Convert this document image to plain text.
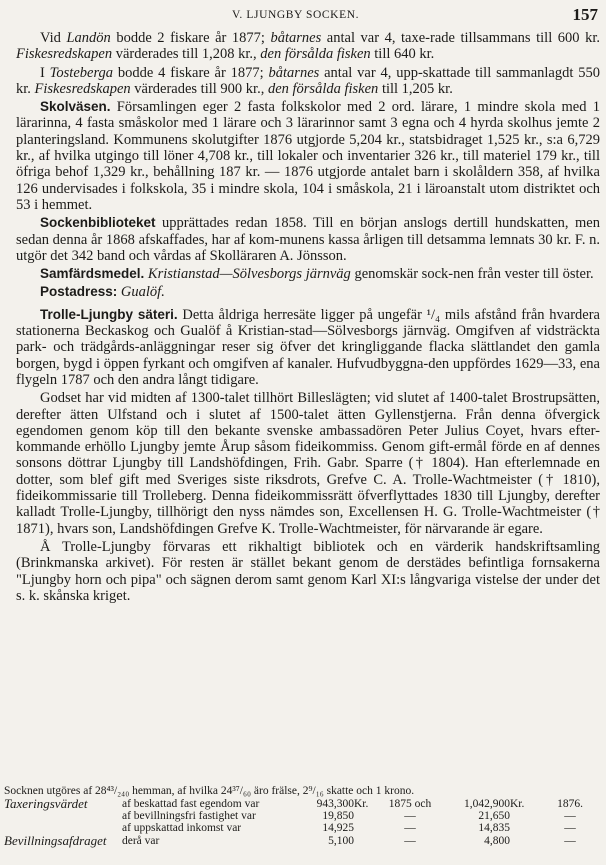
V. LJUNGBY SOCKEN.	157

Vid Landön bodde 2 fiskare år 1877; båtarnes antal var 4, taxe-rade tillsammans till 600 kr. Fiskesredskapen värderades till 1,208 kr., den försålda fisken till 640 kr.

I Tosteberga bodde 4 fiskare år 1877; båtarnes antal var 4, upp-skattade till sammanlagdt 550 kr. Fiskesredskapen värderades till 900 kr., den försålda fisken till 1,205 kr.

Skolväsen. Församlingen eger 2 fasta folkskolor med 2 ord. lärare, 1 mindre skola med 1 lärarinna, 4 fasta småskolor med 1 lärare och 3 lärarinnor samt 3 egna och 4 hyrda skolhus jemte 2 planteringsland. Kommunens skolutgifter 1876 utgjorde 5,204 kr., statsbidraget 1,525 kr., s:a 6,729 kr., af hvilka utgingo till löner 4,708 kr., till lokaler och inventarier 326 kr., till materiel 179 kr., till öfriga behof 1,329 kr., behållning 187 kr. — 1876 utgjorde antalet barn i skolåldern 358, af hvilka 126 undervisades i folkskola, 35 i mindre skola, 104 i småskola, 21 i läroanstalt utom distriktet och 53 i hemmet.

Sockenbiblioteket upprättades redan 1858. Till en början anslogs dertill hundskatten, men sedan denna år 1868 afskaffades, har af kom-munens kassa årligen till detsamma lemnats 30 kr. F. n. utgör det 342 band och vårdas af Skolläraren A. Jönsson.

Samfärdsmedel. Kristianstad—Sölvesborgs järnväg genomskär sock-nen från vester till öster.

Postadress: Gualöf.

Trolle-Ljungby säteri. Detta åldriga herresäte ligger på ungefär ¹/₄ mils afstånd från hvardera stationerna Beckaskog och Gualöf å Kristian-stad—Sölvesborgs järnväg. Omgifven af vidsträckta park- och trädgårds-anläggningar reser sig öfver det kringliggande flacka slättlandet den gamla borgen, bygd i öppen fyrkant och omgifven af kanaler. Hufvudbyggna-den uppfördes 1629—33, ena flygeln 1787 och den andra långt tidigare.

Godset har vid midten af 1300-talet tillhört Billeslägten; vid slutet af 1400-talet Brostrupsätten, derefter ätten Ulfstand och i slutet af 1500-talet ätten Gyllenstjerna. Från denna öfvergick egendomen genom köp till den bekante svenske ambassadören Peter Julius Coyet, hvars efter-kommande erhöllo Ljungby jemte Årup såsom fideikommiss. Genom gift-ermål förde en af dennes sonsons döttrar Ljungby till Landshöfdingen, Frih. Gabr. Sparre († 1804). Han efterlemnade en dotter, som blef gift med Sveriges siste riksdrots, Grefve C. A. Trolle-Wachtmeister († 1810), fideikommissarie till Trolleberg. Denna fideikommissrätt öfverflyttades 1830 till Ljungby, derefter kalladt Trolle-Ljungby, tillhörigt den nyss nämdes son, Excellensen H. G. Trolle-Wachtmeister († 1871), hvars son, Landshöfdingen Grefve K. Trolle-Wachtmeister, för närvarande är egare.

Å Trolle-Ljungby förvaras ett rikhaltigt bibliotek och en värderik handskriftsamling (Brinkmanska arkivet). För resten är stället bekant genom de derstädes befintliga fornsakerna "Ljungby horn och pipa" och sägnen derom samt genom Karl XI:s långvariga vistelse der under det s. k. skånska kriget.

Socknen utgöres af 28⁴³/₂₄₀ hemman, af hvilka 24³⁷/₆₀ äro frälse, 2⁹/₁₆ skatte och 1 krono.
Taxeringsvärdet	af beskattad fast egendom var	943,300	Kr.	1875 och	1,042,900	Kr.	1876.
	af bevillningsfri fastighet var	19,850		—	21,650		—
	af uppskattad inkomst var	14,925		—	14,835		—
Bevillningsafdraget	derå var	5,100		—	4,800		—
